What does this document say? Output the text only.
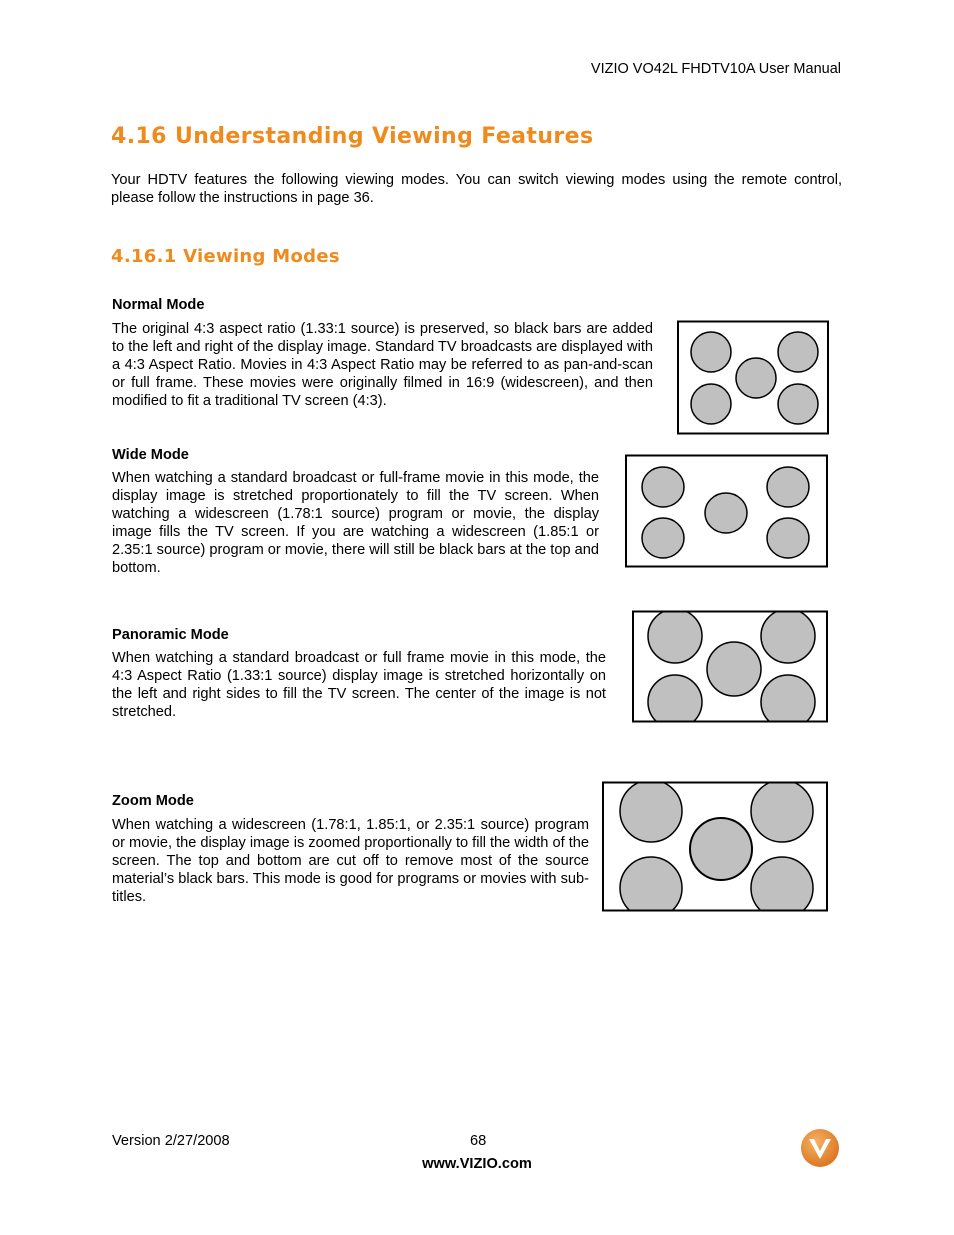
VIZIO VO42L FHDTV10A User Manual
4.16 Understanding Viewing Features

Your HDTV features the following viewing modes. You can switch viewing modes using the remote control, please follow the instructions in page 36.

4.16.1 Viewing Modes
Normal Mode

The original 4:3 aspect ratio (1.33:1 source) is preserved, so black bars are added to the left and right of the display image. Standard TV broadcasts are displayed with a 4:3 Aspect Ratio. Movies in 4:3 Aspect Ratio may be referred to as pan-and-scan or full frame. These movies were originally filmed in 16:9 (widescreen), and then modified to fit a traditional TV screen (4:3).

Wide Mode

When watching a standard broadcast or full-frame movie in this mode, the display image is stretched proportionately to fill the TV screen. When watching a widescreen (1.78:1 source) program or movie, the display image fills the TV screen. If you are watching a widescreen (1.85:1 or 2.35:1 source) program or movie, there will still be black bars at the top and bottom.

Panoramic Mode

When watching a standard broadcast or full frame movie in this mode, the 4:3 Aspect Ratio (1.33:1 source) display image is stretched horizontally on the left and right sides to fill the TV screen. The center of the image is not stretched.

Zoom Mode

When watching a widescreen (1.78:1, 1.85:1, or 2.35:1 source) program or movie, the display image is zoomed proportionally to fill the width of the screen. The top and bottom are cut off to remove most of the source material’s black bars. This mode is good for programs or movies with sub-titles.

Version 2/27/2008	68
www.VIZIO.com
